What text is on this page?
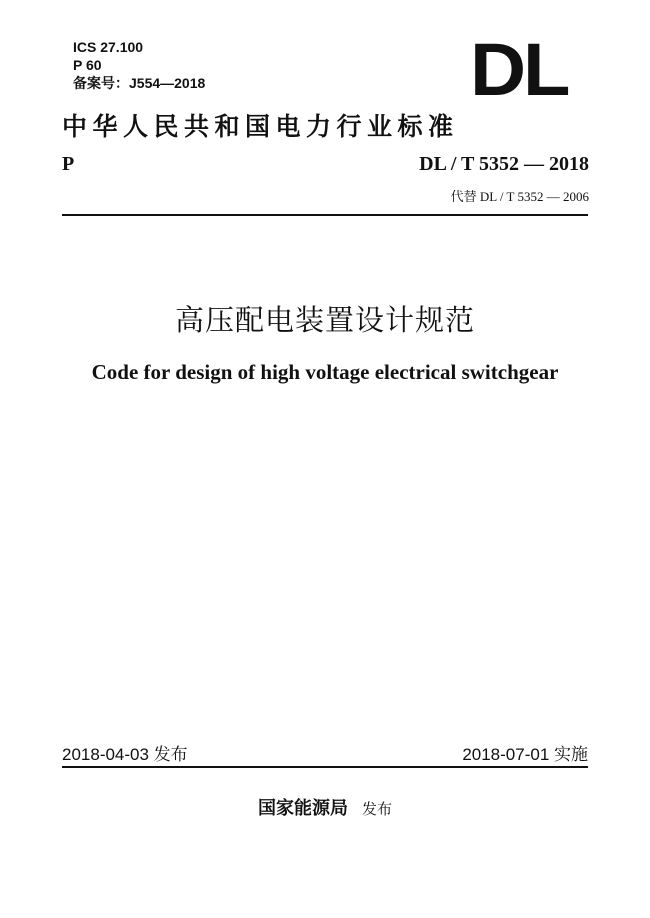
ICS 27.100
P 60
备案号：J554—2018	DL
中华人民共和国电力行业标准
P	DL / T 5352 — 2018
代替 DL / T 5352 — 2006
高压配电装置设计规范
Code for design of high voltage electrical switchgear
2018-04-03 发布	2018-07-01 实施
国家能源局 发布
